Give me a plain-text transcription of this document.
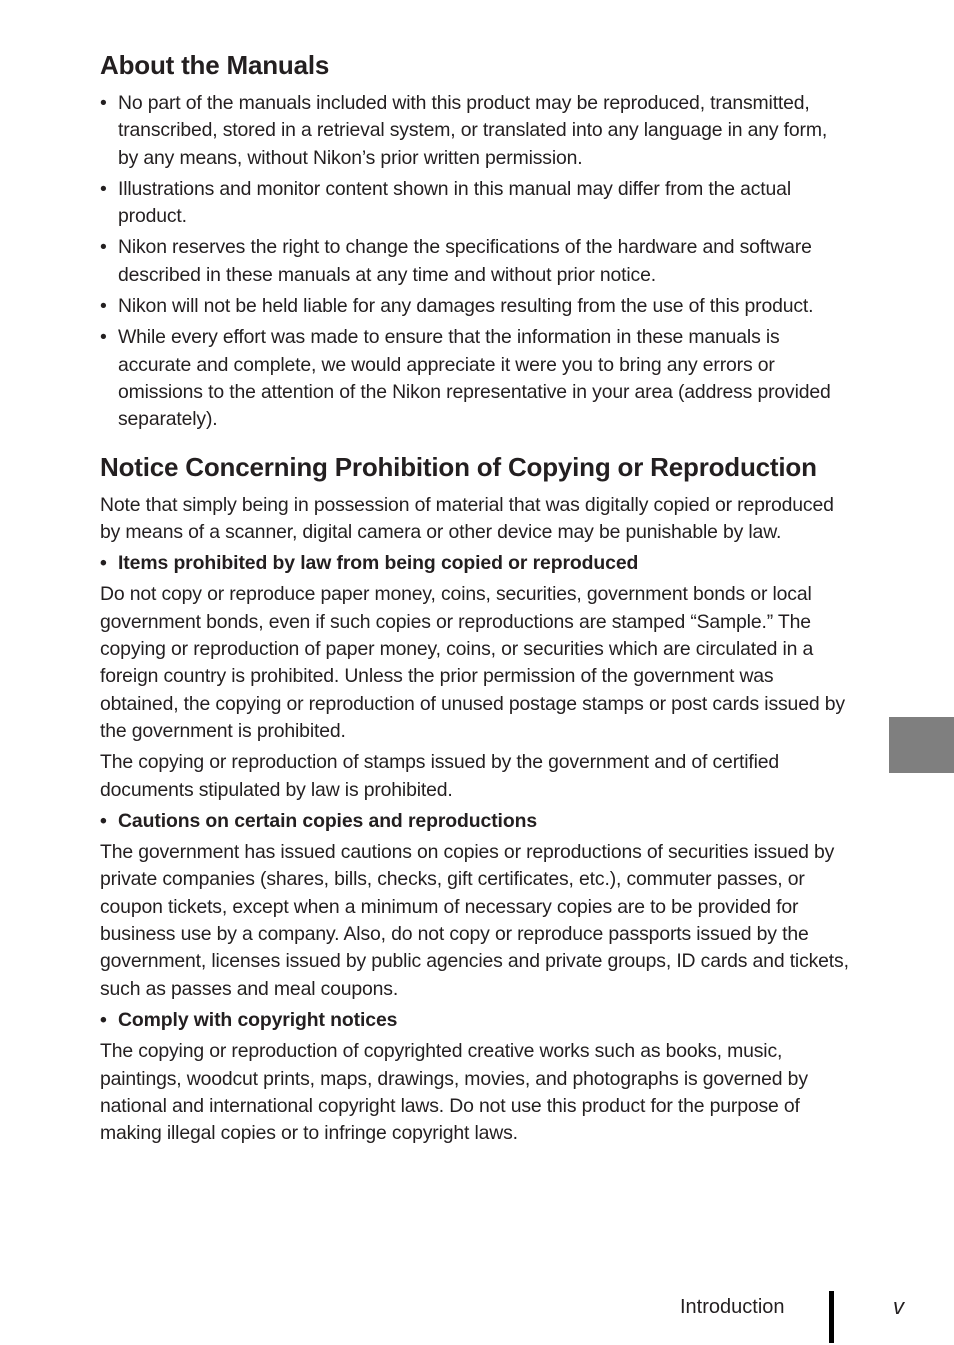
About the Manuals
• No part of the manuals included with this product may be reproduced, transmitted, transcribed, stored in a retrieval system, or translated into any language in any form, by any means, without Nikon’s prior written permission.
• Illustrations and monitor content shown in this manual may differ from the actual product.
• Nikon reserves the right to change the specifications of the hardware and software described in these manuals at any time and without prior notice.
• Nikon will not be held liable for any damages resulting from the use of this product.
• While every effort was made to ensure that the information in these manuals is accurate and complete, we would appreciate it were you to bring any errors or omissions to the attention of the Nikon representative in your area (address provided separately).
Notice Concerning Prohibition of Copying or Reproduction

Note that simply being in possession of material that was digitally copied or reproduced by means of a scanner, digital camera or other device may be punishable by law.

• Items prohibited by law from being copied or reproduced

Do not copy or reproduce paper money, coins, securities, government bonds or local government bonds, even if such copies or reproductions are stamped “Sample.” The copying or reproduction of paper money, coins, or securities which are circulated in a foreign country is prohibited. Unless the prior permission of the government was obtained, the copying or reproduction of unused postage stamps or post cards issued by the government is prohibited.

The copying or reproduction of stamps issued by the government and of certified documents stipulated by law is prohibited.

• Cautions on certain copies and reproductions

The government has issued cautions on copies or reproductions of securities issued by private companies (shares, bills, checks, gift certificates, etc.), commuter passes, or coupon tickets, except when a minimum of necessary copies are to be provided for business use by a company. Also, do not copy or reproduce passports issued by the government, licenses issued by public agencies and private groups, ID cards and tickets, such as passes and meal coupons.

• Comply with copyright notices

The copying or reproduction of copyrighted creative works such as books, music, paintings, woodcut prints, maps, drawings, movies, and photographs is governed by national and international copyright laws. Do not use this product for the purpose of making illegal copies or to infringe copyright laws.

Introduction	v
